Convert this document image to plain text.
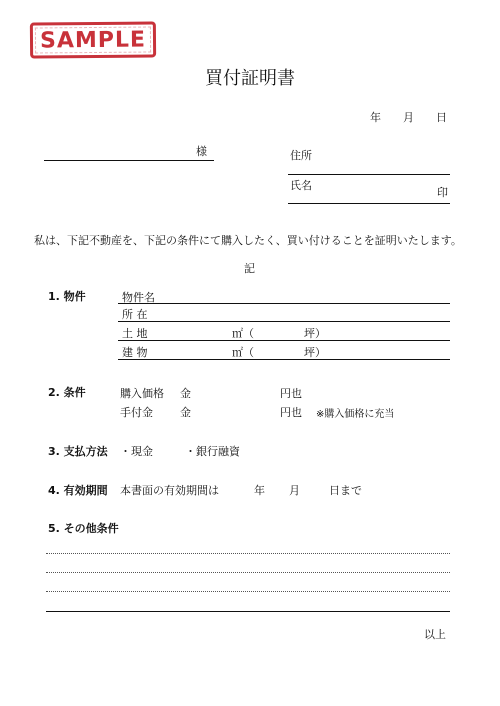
SAMPLE
買付証明書
年 月 日
様	住所
氏名
印
私は、下記不動産を、下記の条件にて購入したく、買い付けることを証明いたします。
記
1. 物件	物件名
所 在
土 地	㎡（	坪）
建 物	㎡（	坪）
2. 条件	購入価格 金	円也
手付金 金	円也 ※購入価格に充当
3. 支払方法 ・現金	・銀行融資
4. 有効期間 本書面の有効期間は	年 月	日まで
5. その他条件
以上
